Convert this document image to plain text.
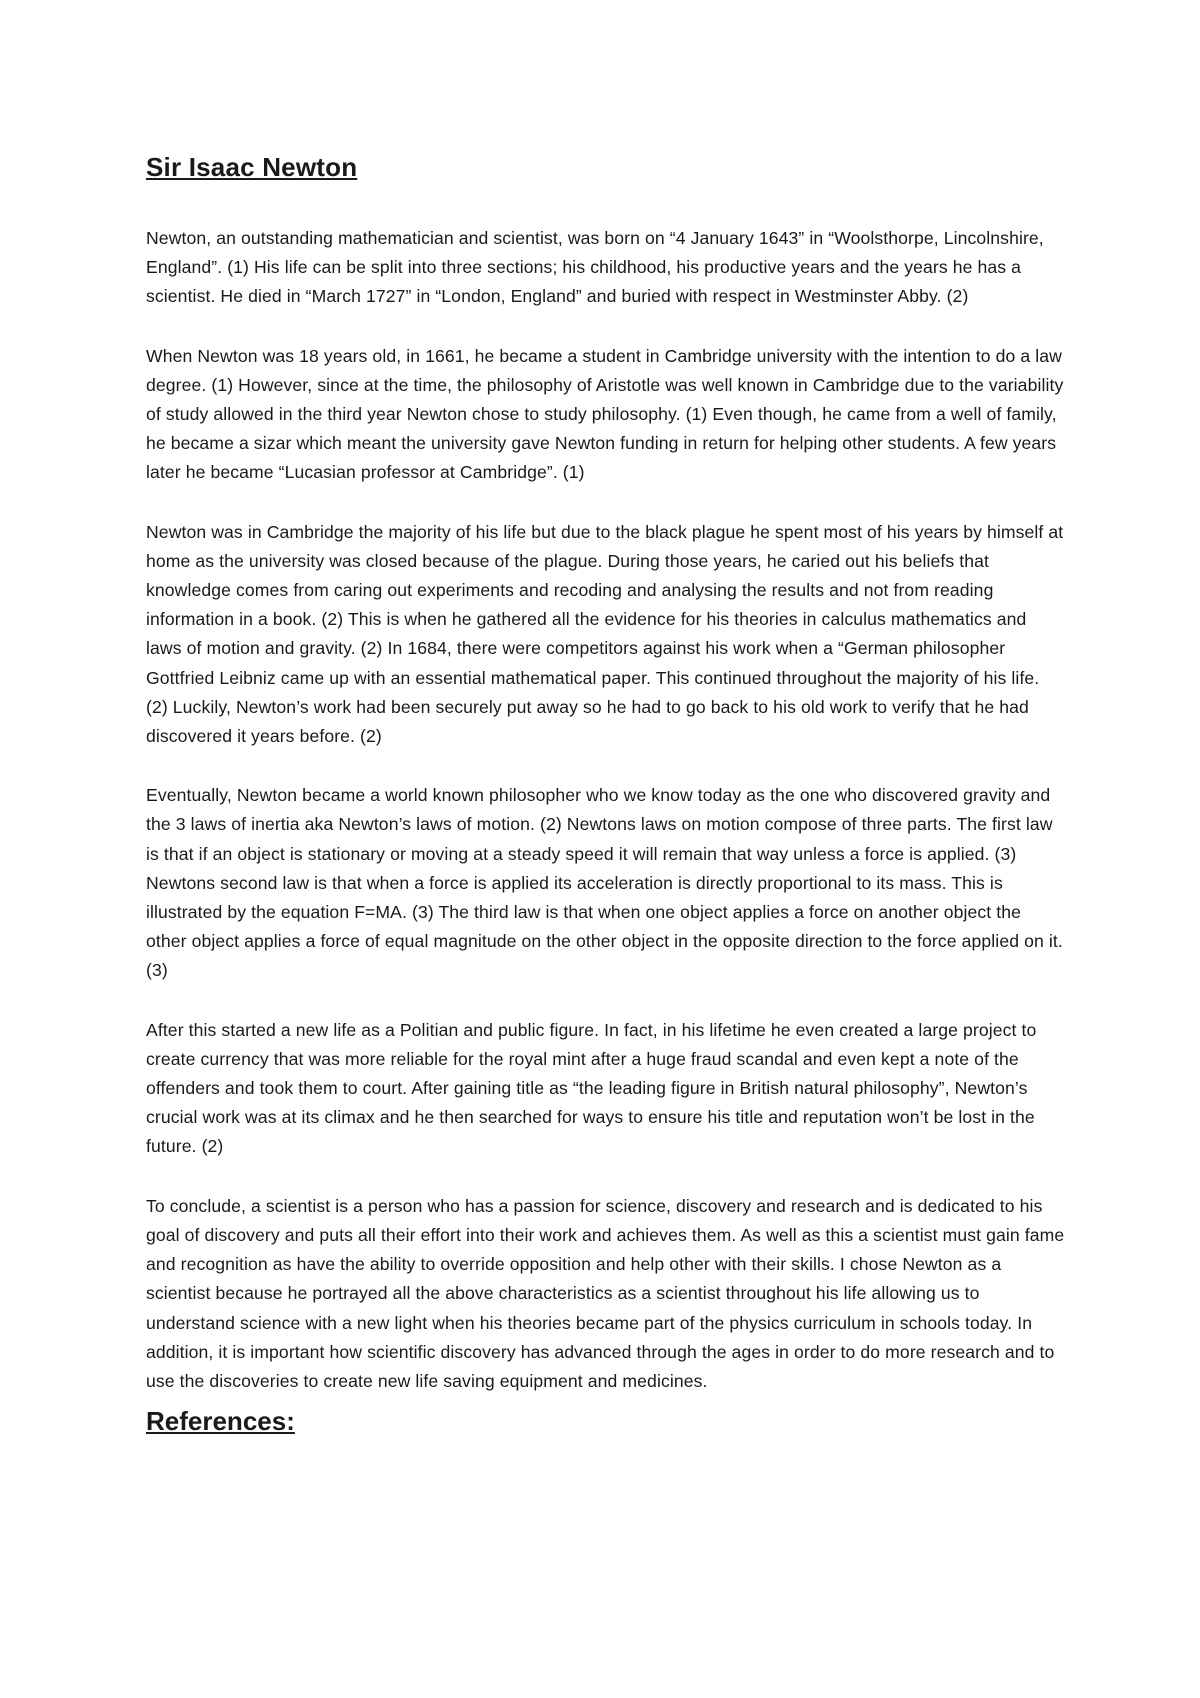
Sir Isaac Newton

Newton, an outstanding mathematician and scientist, was born on “4 January 1643” in “Woolsthorpe, Lincolnshire, England”. (1) His life can be split into three sections; his childhood, his productive years and the years he has a scientist. He died in “March 1727” in “London, England” and buried with respect in Westminster Abby. (2)

When Newton was 18 years old, in 1661, he became a student in Cambridge university with the intention to do a law degree. (1) However, since at the time, the philosophy of Aristotle was well known in Cambridge due to the variability of study allowed in the third year Newton chose to study philosophy. (1) Even though, he came from a well of family, he became a sizar which meant the university gave Newton funding in return for helping other students. A few years later he became “Lucasian professor at Cambridge”. (1)

Newton was in Cambridge the majority of his life but due to the black plague he spent most of his years by himself at home as the university was closed because of the plague. During those years, he caried out his beliefs that knowledge comes from caring out experiments and recoding and analysing the results and not from reading information in a book. (2) This is when he gathered all the evidence for his theories in calculus mathematics and laws of motion and gravity. (2) In 1684, there were competitors against his work when a “German philosopher Gottfried Leibniz came up with an essential mathematical paper. This continued throughout the majority of his life. (2) Luckily, Newton’s work had been securely put away so he had to go back to his old work to verify that he had discovered it years before. (2)

Eventually, Newton became a world known philosopher who we know today as the one who discovered gravity and the 3 laws of inertia aka Newton’s laws of motion. (2) Newtons laws on motion compose of three parts. The first law is that if an object is stationary or moving at a steady speed it will remain that way unless a force is applied. (3) Newtons second law is that when a force is applied its acceleration is directly proportional to its mass. This is illustrated by the equation F=MA. (3) The third law is that when one object applies a force on another object the other object applies a force of equal magnitude on the other object in the opposite direction to the force applied on it. (3)

After this started a new life as a Politian and public figure. In fact, in his lifetime he even created a large project to create currency that was more reliable for the royal mint after a huge fraud scandal and even kept a note of the offenders and took them to court. After gaining title as “the leading figure in British natural philosophy”, Newton’s crucial work was at its climax and he then searched for ways to ensure his title and reputation won’t be lost in the future. (2)

To conclude, a scientist is a person who has a passion for science, discovery and research and is dedicated to his goal of discovery and puts all their effort into their work and achieves them. As well as this a scientist must gain fame and recognition as have the ability to override opposition and help other with their skills. I chose Newton as a scientist because he portrayed all the above characteristics as a scientist throughout his life allowing us to understand science with a new light when his theories became part of the physics curriculum in schools today. In addition, it is important how scientific discovery has advanced through the ages in order to do more research and to use the discoveries to create new life saving equipment and medicines.

References:
